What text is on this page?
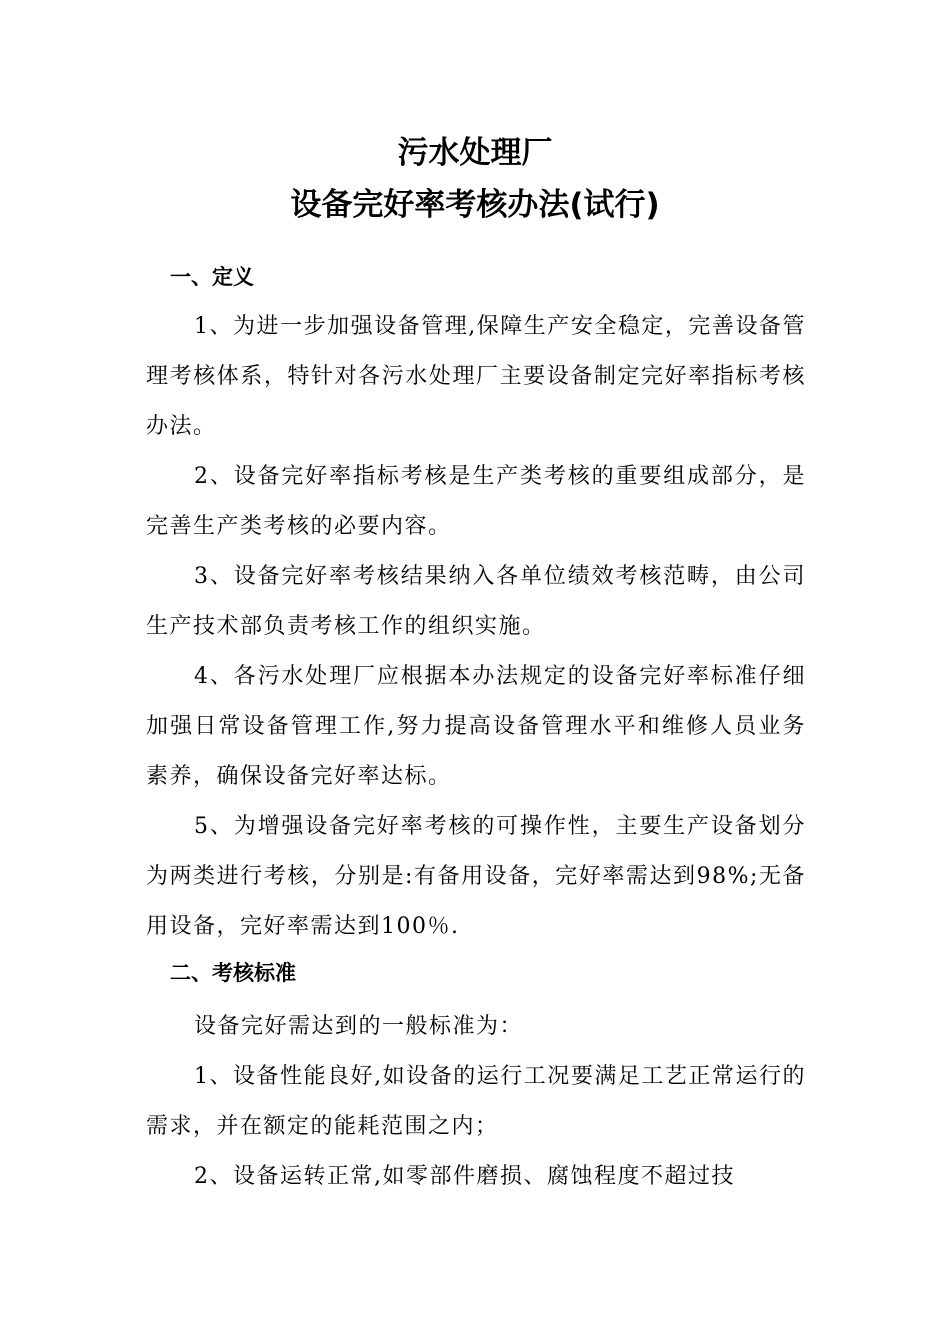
污水处理厂
设备完好率考核办法(试行)
一、定义

1、为进一步加强设备管理,保障生产安全稳定，完善设备管理考核体系，特针对各污水处理厂主要设备制定完好率指标考核办法。

2、设备完好率指标考核是生产类考核的重要组成部分，是完善生产类考核的必要内容。

3、设备完好率考核结果纳入各单位绩效考核范畴，由公司生产技术部负责考核工作的组织实施。

4、各污水处理厂应根据本办法规定的设备完好率标准仔细加强日常设备管理工作,努力提高设备管理水平和维修人员业务素养，确保设备完好率达标。

5、为增强设备完好率考核的可操作性，主要生产设备划分为两类进行考核，分别是:有备用设备，完好率需达到98%;无备用设备，完好率需达到100％.

二、考核标准

设备完好需达到的一般标准为：

1、设备性能良好,如设备的运行工况要满足工艺正常运行的需求，并在额定的能耗范围之内；

2、设备运转正常,如零部件磨损、腐蚀程度不超过技
